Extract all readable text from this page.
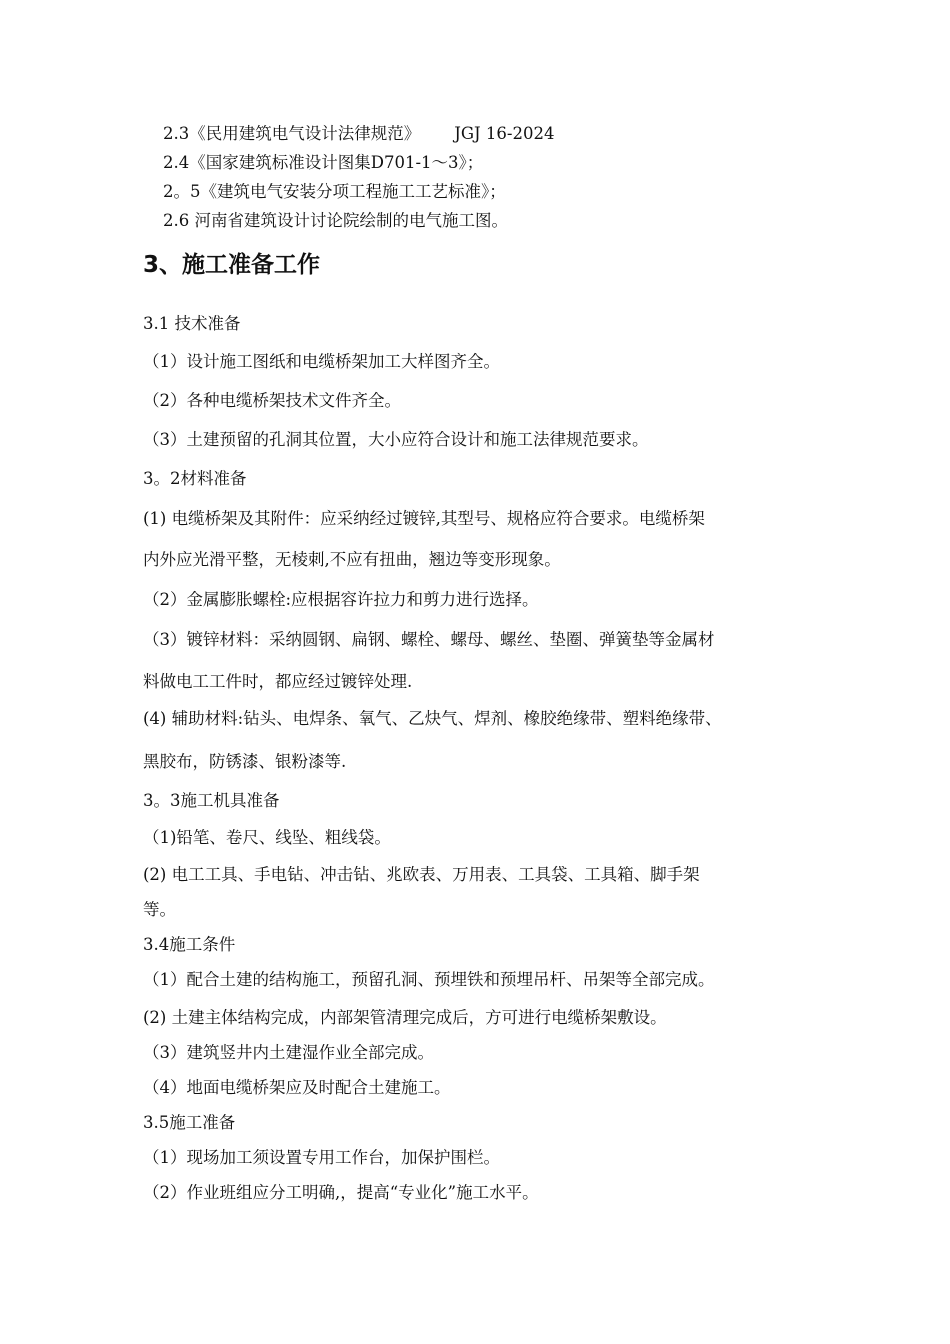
2.3《民用建筑电气设计法律规范》 JGJ 16-2024
2.4《国家建筑标准设计图集D701-1～3》；
2。5《建筑电气安装分项工程施工工艺标准》；
2.6 河南省建筑设计讨论院绘制的电气施工图。
3、施工准备工作
3.1 技术准备
（1）设计施工图纸和电缆桥架加工大样图齐全。
（2）各种电缆桥架技术文件齐全。
（3）土建预留的孔洞其位置，大小应符合设计和施工法律规范要求。
3。2材料准备
(1) 电缆桥架及其附件：应采纳经过镀锌,其型号、规格应符合要求。电缆桥架
内外应光滑平整，无棱刺,不应有扭曲，翘边等变形现象。
（2）金属膨胀螺栓:应根据容许拉力和剪力进行选择。
（3）镀锌材料：采纳圆钢、扁钢、螺栓、螺母、螺丝、垫圈、弹簧垫等金属材
料做电工工件时，都应经过镀锌处理.
(4) 辅助材料:钻头、电焊条、氧气、乙炔气、焊剂、橡胶绝缘带、塑料绝缘带、
黑胶布，防锈漆、银粉漆等.
3。3施工机具准备
（1)铅笔、卷尺、线坠、粗线袋。
(2) 电工工具、手电钻、冲击钻、兆欧表、万用表、工具袋、工具箱、脚手架
等。
3.4施工条件
（1）配合土建的结构施工，预留孔洞、预埋铁和预埋吊杆、吊架等全部完成。
(2) 土建主体结构完成，内部架管清理完成后，方可进行电缆桥架敷设。
（3）建筑竖井内土建湿作业全部完成。
（4）地面电缆桥架应及时配合土建施工。
3.5施工准备
（1）现场加工须设置专用工作台，加保护围栏。
（2）作业班组应分工明确,，提高“专业化”施工水平。
